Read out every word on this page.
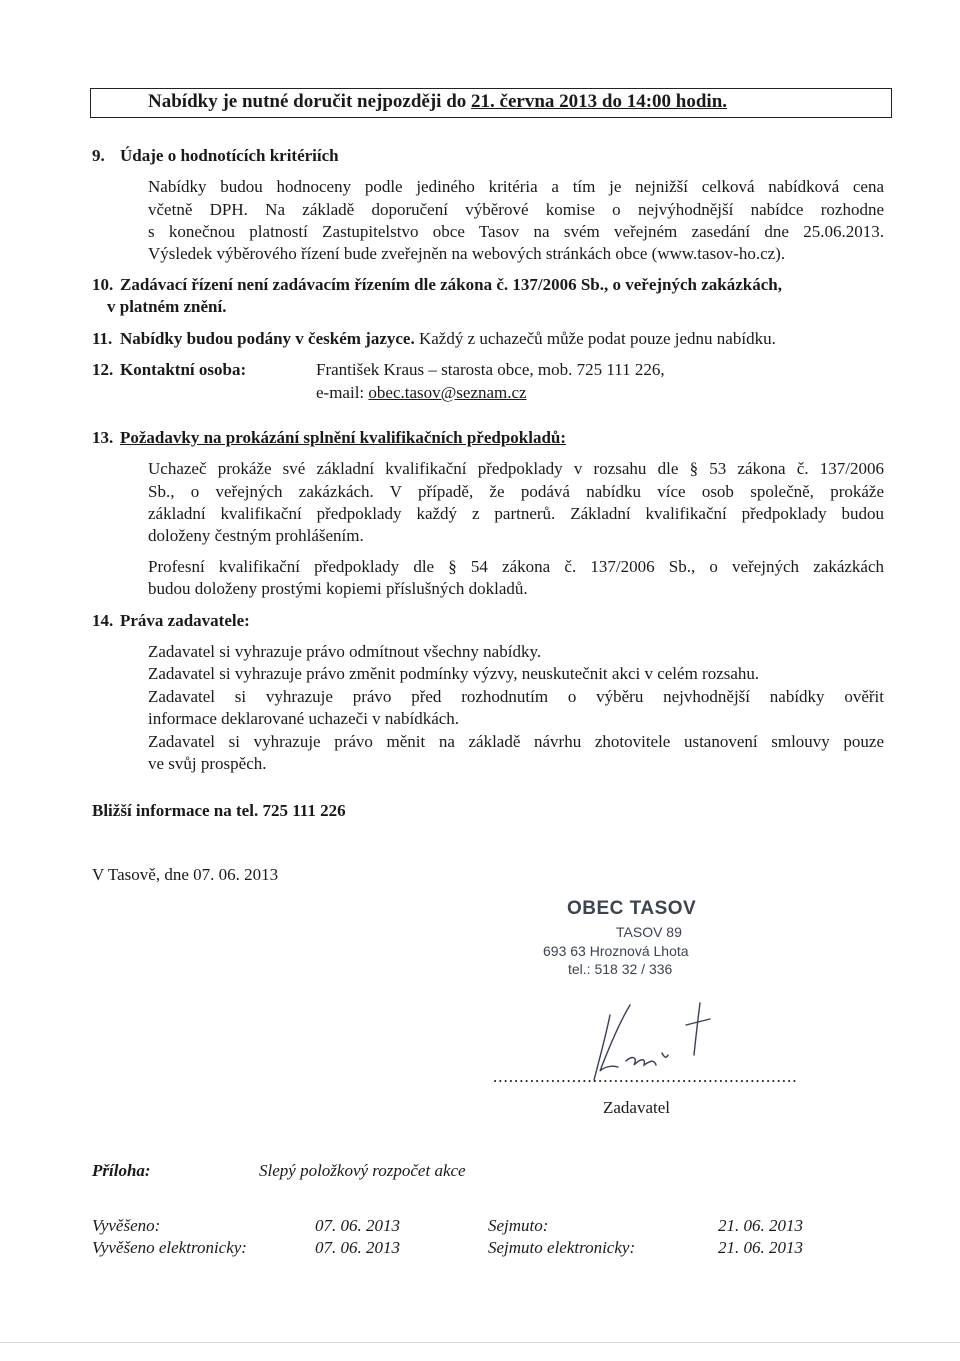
Nabídky je nutné doručit nejpozději do 21. června 2013 do 14:00 hodin.
9. Údaje o hodnotících kritériích
Nabídky budou hodnoceny podle jediného kritéria a tím je nejnižší celková nabídková cena
včetně DPH. Na základě doporučení výběrové komise o nejvýhodnější nabídce rozhodne
s konečnou platností Zastupitelstvo obce Tasov na svém veřejném zasedání dne 25.06.2013.
Výsledek výběrového řízení bude zveřejněn na webových stránkách obce (www.tasov-ho.cz).
10. Zadávací řízení není zadávacím řízením dle zákona č. 137/2006 Sb., o veřejných zakázkách,
v platném znění.
11. Nabídky budou podány v českém jazyce. Každý z uchazečů může podat pouze jednu nabídku.
12. Kontaktní osoba:	František Kraus – starosta obce, mob. 725 111 226,
e-mail: obec.tasov@seznam.cz
13. Požadavky na prokázání splnění kvalifikačních předpokladů:
Uchazeč prokáže své základní kvalifikační předpoklady v rozsahu dle § 53 zákona č. 137/2006
Sb., o veřejných zakázkách. V případě, že podává nabídku více osob společně, prokáže
základní kvalifikační předpoklady každý z partnerů. Základní kvalifikační předpoklady budou
doloženy čestným prohlášením.
Profesní kvalifikační předpoklady dle § 54 zákona č. 137/2006 Sb., o veřejných zakázkách
budou doloženy prostými kopiemi příslušných dokladů.
14. Práva zadavatele:
Zadavatel si vyhrazuje právo odmítnout všechny nabídky.
Zadavatel si vyhrazuje právo změnit podmínky výzvy, neuskutečnit akci v celém rozsahu.
Zadavatel si vyhrazuje právo před rozhodnutím o výběru nejvhodnější nabídky ověřit
informace deklarované uchazeči v nabídkách.
Zadavatel si vyhrazuje právo měnit na základě návrhu zhotovitele ustanovení smlouvy pouze
ve svůj prospěch.
Bližší informace na tel. 725 111 226
V Tasově, dne 07. 06. 2013
OBEC TASOV
TASOV 89
693 63 Hroznová Lhota
tel.: 518 32 / 336
..........................................................
Zadavatel
Příloha:	Slepý položkový rozpočet akce
Vyvěšeno:	07. 06. 2013	Sejmuto:	21. 06. 2013
Vyvěšeno elektronicky:	07. 06. 2013	Sejmuto elektronicky:	21. 06. 2013
